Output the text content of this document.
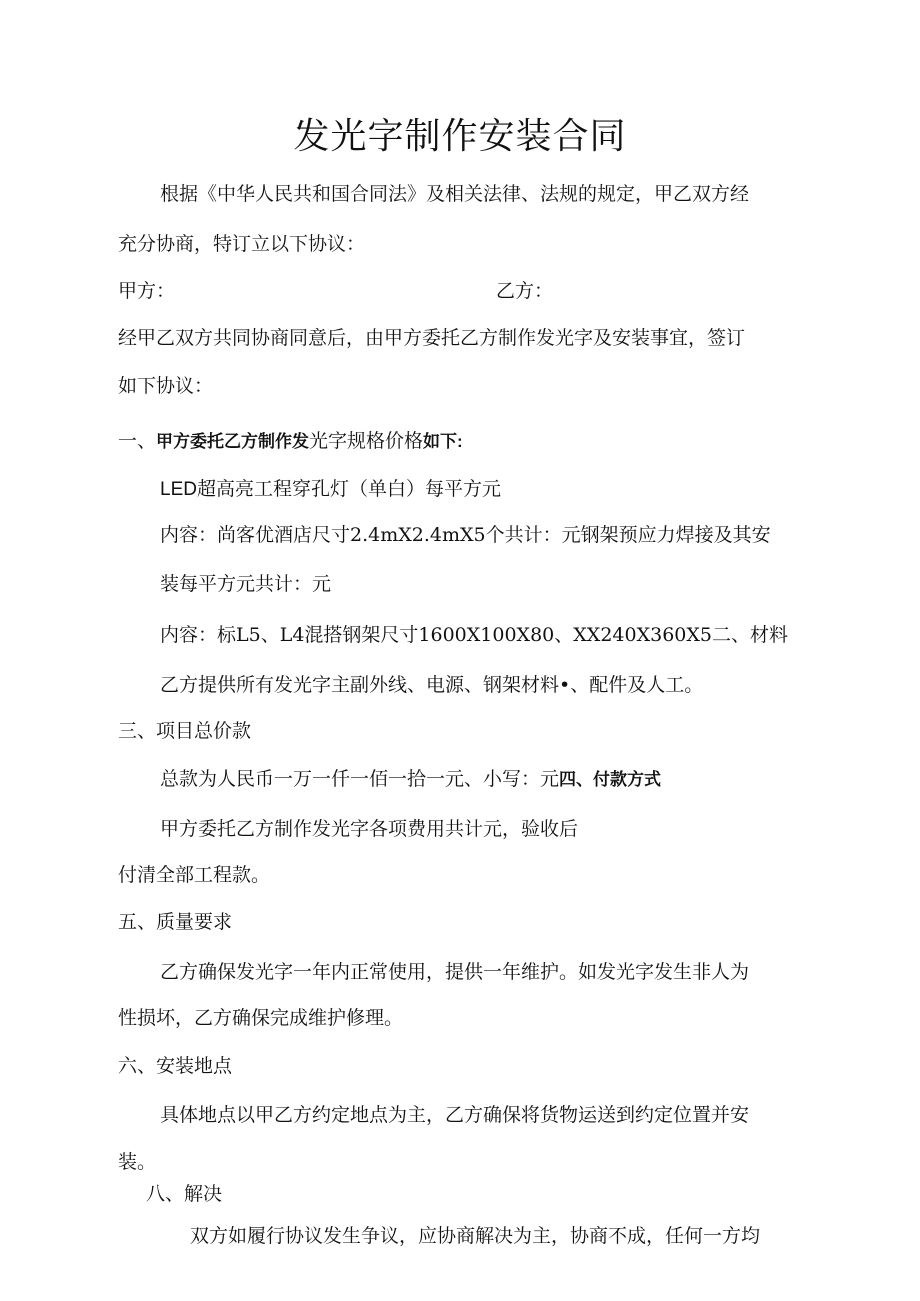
发光字制作安装合同

根据《中华人民共和国合同法》及相关法律、法规的规定，甲乙双方经

充分协商，特订立以下协议：

甲方：	乙方：

经甲乙双方共同协商同意后，由甲方委托乙方制作发光字及安装事宜，签订

如下协议：

一、甲方委托乙方制作发光字规格价格如下:

LED超高亮工程穿孔灯（单白）每平方元

内容：尚客优酒店尺寸2.4mX2.4mX5个共计：元钢架预应力焊接及其安

装每平方元共计：元

内容：标L5、L4混搭钢架尺寸1600X100X80、XX240X360X5二、材料

乙方提供所有发光字主副外线、电源、钢架材料•、配件及人工。

三、项目总价款

总款为人民币一万一仟一佰一拾一元、小写：元四、付款方式

甲方委托乙方制作发光字各项费用共计元，验收后

付清全部工程款。

五、质量要求

乙方确保发光字一年内正常使用，提供一年维护。如发光字发生非人为

性损坏，乙方确保完成维护修理。

六、安装地点

具体地点以甲乙方约定地点为主，乙方确保将货物运送到约定位置并安

装。

八、解决

双方如履行协议发生争议，应协商解决为主，协商不成，任何一方均
